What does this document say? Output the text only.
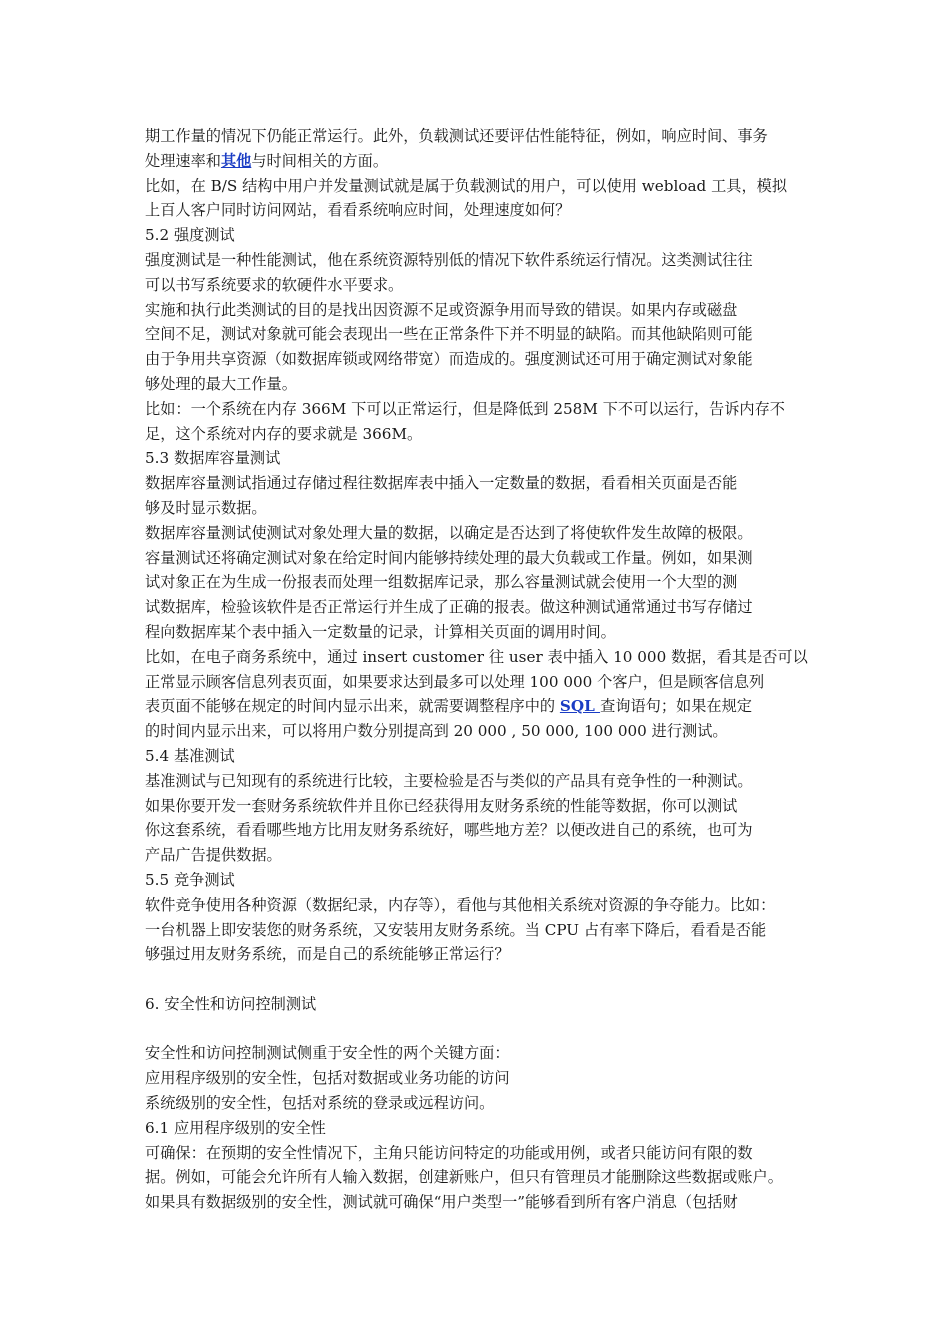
期工作量的情况下仍能正常运行。此外，负载测试还要评估性能特征，例如，响应时间、事务
处理速率和其他与时间相关的方面。

比如，在 B/S 结构中用户并发量测试就是属于负载测试的用户，可以使用 webload 工具，模拟
上百人客户同时访问网站，看看系统响应时间，处理速度如何？

5.2 强度测试

强度测试是一种性能测试，他在系统资源特别低的情况下软件系统运行情况。这类测试往往
可以书写系统要求的软硬件水平要求。

实施和执行此类测试的目的是找出因资源不足或资源争用而导致的错误。如果内存或磁盘
空间不足，测试对象就可能会表现出一些在正常条件下并不明显的缺陷。而其他缺陷则可能
由于争用共享资源（如数据库锁或网络带宽）而造成的。强度测试还可用于确定测试对象能
够处理的最大工作量。

比如：一个系统在内存 366M 下可以正常运行，但是降低到 258M 下不可以运行，告诉内存不
足，这个系统对内存的要求就是 366M。

5.3 数据库容量测试

数据库容量测试指通过存储过程往数据库表中插入一定数量的数据，看看相关页面是否能
够及时显示数据。

数据库容量测试使测试对象处理大量的数据，以确定是否达到了将使软件发生故障的极限。
容量测试还将确定测试对象在给定时间内能够持续处理的最大负载或工作量。例如，如果测
试对象正在为生成一份报表而处理一组数据库记录，那么容量测试就会使用一个大型的测
试数据库，检验该软件是否正常运行并生成了正确的报表。做这种测试通常通过书写存储过
程向数据库某个表中插入一定数量的记录，计算相关页面的调用时间。

比如，在电子商务系统中，通过 insert customer 往 user 表中插入 10 000 数据，看其是否可以
正常显示顾客信息列表页面，如果要求达到最多可以处理 100 000 个客户，但是顾客信息列
表页面不能够在规定的时间内显示出来，就需要调整程序中的 SQL 查询语句；如果在规定
的时间内显示出来，可以将用户数分别提高到 20 000 , 50 000, 100 000 进行测试。

5.4 基准测试

基准测试与已知现有的系统进行比较，主要检验是否与类似的产品具有竞争性的一种测试。
如果你要开发一套财务系统软件并且你已经获得用友财务系统的性能等数据，你可以测试
你这套系统，看看哪些地方比用友财务系统好，哪些地方差？以便改进自己的系统，也可为
产品广告提供数据。

5.5 竞争测试

软件竞争使用各种资源（数据纪录，内存等），看他与其他相关系统对资源的争夺能力。比如：
一台机器上即安装您的财务系统，又安装用友财务系统。当 CPU 占有率下降后，看看是否能
够强过用友财务系统，而是自己的系统能够正常运行？

6. 安全性和访问控制测试

安全性和访问控制测试侧重于安全性的两个关键方面：
应用程序级别的安全性，包括对数据或业务功能的访问
系统级别的安全性，包括对系统的登录或远程访问。

6.1 应用程序级别的安全性

可确保：在预期的安全性情况下，主角只能访问特定的功能或用例，或者只能访问有限的数
据。例如，可能会允许所有人输入数据，创建新账户，但只有管理员才能删除这些数据或账户。
如果具有数据级别的安全性，测试就可确保“用户类型一”能够看到所有客户消息（包括财
